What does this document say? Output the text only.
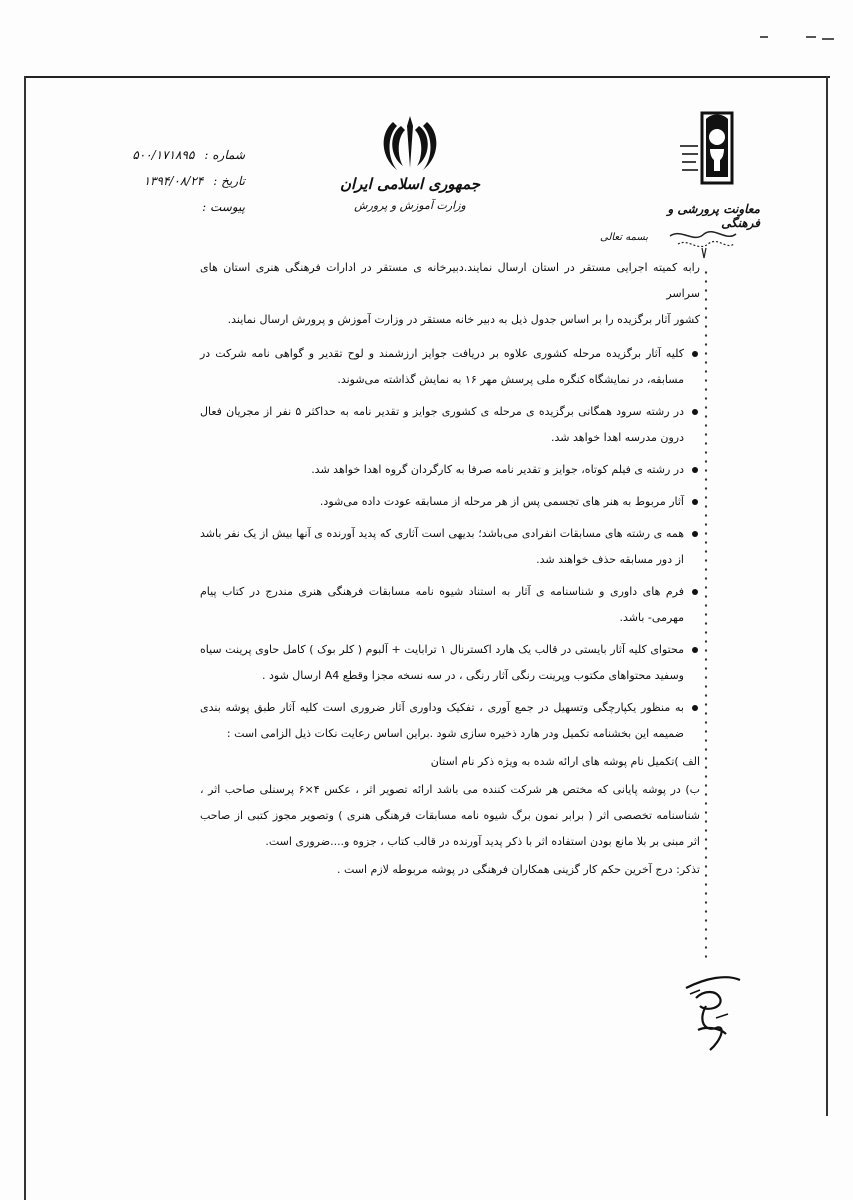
شماره :
۵۰۰/۱۷۱۸۹۵
تاریخ :
۱۳۹۴/۰۸/۲۴
پیوست :
جمهوری اسلامی ایران
وزارت آموزش و پرورش	معاونت پرورشی و فرهنگی
بسمه تعالی

رابه کمیته اجرایی مستقر در استان ارسال نمایند.دبیرخانه ی مستقر در ادارات فرهنگی هنری استان های سراسر

کشور آثار برگزیده را بر اساس جدول ذیل به دبیر خانه مستقر در وزارت آموزش و پرورش ارسال نمایند.

کلیه آثار برگزیده مرحله کشوری علاوه بر دریافت جوایز ارزشمند و لوح تقدیر و گواهی نامه شرکت در مسابقه، در نمایشگاه کنگره ملی پرسش مهر ۱۶ به نمایش گذاشته می‌شوند.

در رشته سرود همگانی برگزیده ی مرحله ی کشوری جوایز و تقدیر نامه به حداکثر ۵ نفر از مجریان فعال درون مدرسه اهدا خواهد شد.

در رشته ی فیلم کوتاه، جوایز و تقدیر نامه صرفا به کارگردان گروه اهدا خواهد شد.

آثار مربوط به هنر های تجسمی پس از هر مرحله از مسابقه عودت داده می‌شود.

همه ی رشته های مسابقات انفرادی می‌باشد؛ بدیهی است آثاری که پدید آورنده ی آنها بیش از یک نفر باشد از دور مسابقه حذف خواهند شد.

فرم های داوری و شناسنامه ی آثار به استناد شیوه نامه مسابقات فرهنگی هنری مندرج در کتاب پیام مهرمی- باشد.

محتوای کلیه آثار بایستی در قالب یک هارد اکسترنال ۱ ترابایت + آلبوم ( کلر بوک ) کامل حاوی پرینت سیاه وسفید محتواهای مکتوب وپرینت رنگی آثار رنگی ، در سه نسخه مجزا وقطع A4 ارسال شود .

به منظور یکپارچگی وتسهیل در جمع آوری ، تفکیک وداوری آثار ضروری است کلیه آثار طبق پوشه بندی ضمیمه این بخشنامه تکمیل ودر هارد ذخیره سازی شود .براین اساس رعایت نکات ذیل الزامی است :

الف )تکمیل نام پوشه های ارائه شده به ویژه ذکر نام استان

ب) در پوشه پایانی که مختص هر شرکت کننده می باشد ارائه تصویر اثر ، عکس ۴×۶ پرسنلی صاحب اثر ، شناسنامه تخصصی اثر ( برابر نمون برگ شیوه نامه مسابقات فرهنگی هنری ) وتصویر مجوز کتبی از صاحب اثر مبنی بر بلا مانع بودن استفاده اثر با ذکر پدید آورنده در قالب کتاب ، جزوه و....ضروری است.

تذکر: درج آخرین حکم کار گزینی همکاران فرهنگی در پوشه مربوطه لازم است .
